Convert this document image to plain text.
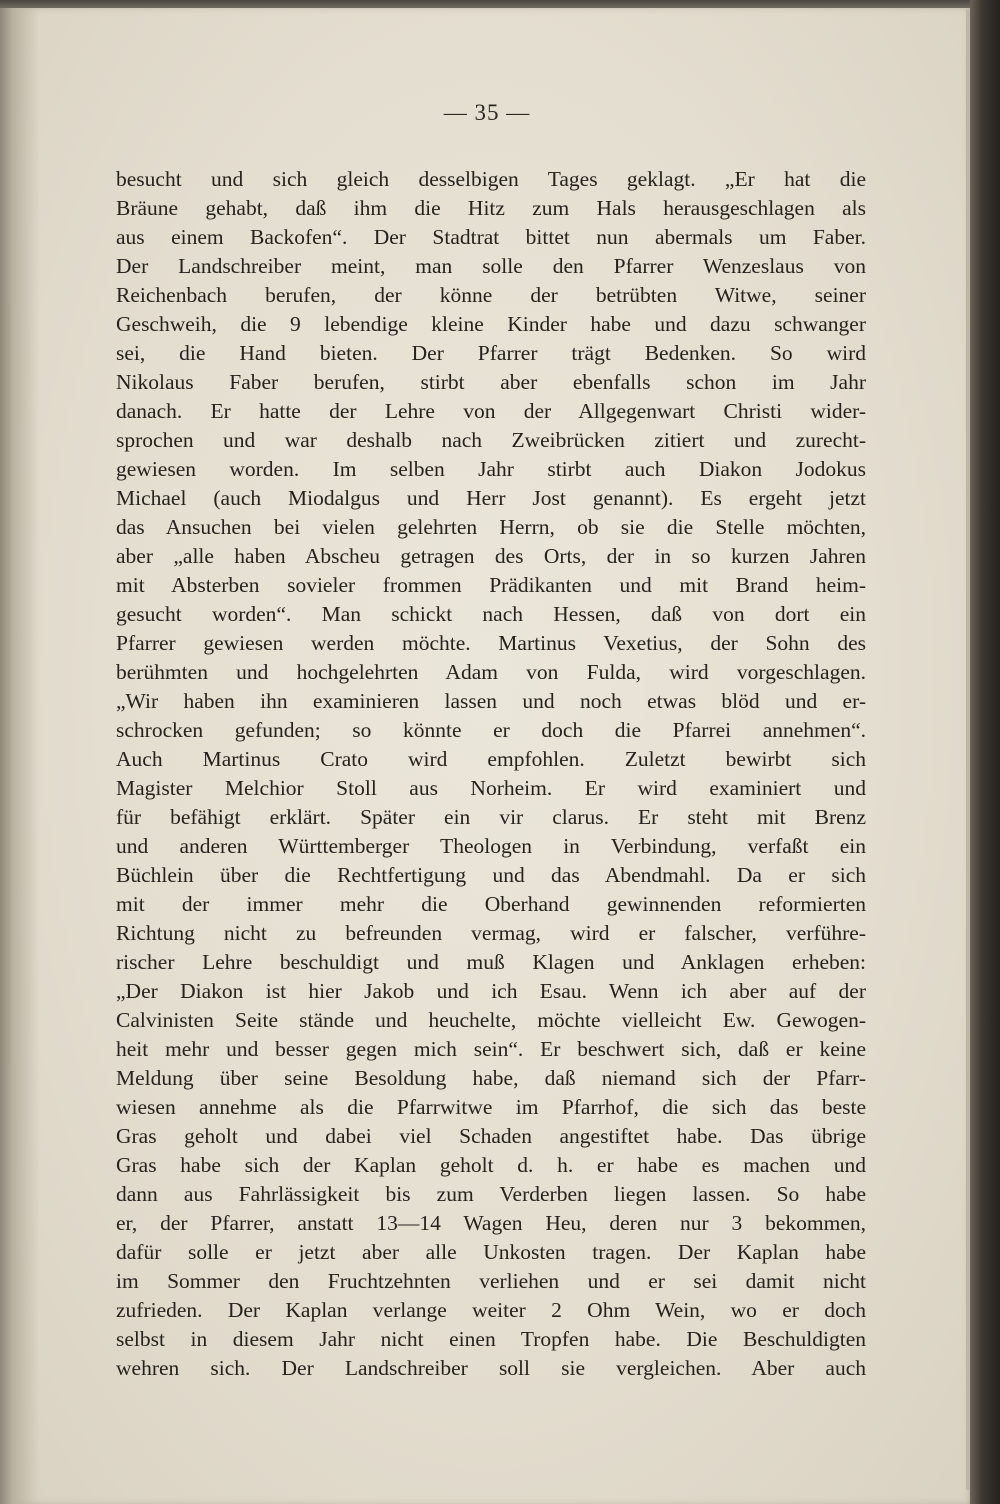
— 35 —
besucht und sich gleich desselbigen Tages geklagt. „Er hat die
Bräune gehabt, daß ihm die Hitz zum Hals herausgeschlagen als
aus einem Backofen“. Der Stadtrat bittet nun abermals um Faber.
Der Landschreiber meint, man solle den Pfarrer Wenzeslaus von
Reichenbach berufen, der könne der betrübten Witwe, seiner
Geschweih, die 9 lebendige kleine Kinder habe und dazu schwanger
sei, die Hand bieten. Der Pfarrer trägt Bedenken. So wird
Nikolaus Faber berufen, stirbt aber ebenfalls schon im Jahr
danach. Er hatte der Lehre von der Allgegenwart Christi wider-
sprochen und war deshalb nach Zweibrücken zitiert und zurecht-
gewiesen worden. Im selben Jahr stirbt auch Diakon Jodokus
Michael (auch Miodalgus und Herr Jost genannt). Es ergeht jetzt
das Ansuchen bei vielen gelehrten Herrn, ob sie die Stelle möchten,
aber „alle haben Abscheu getragen des Orts, der in so kurzen Jahren
mit Absterben sovieler frommen Prädikanten und mit Brand heim-
gesucht worden“. Man schickt nach Hessen, daß von dort ein
Pfarrer gewiesen werden möchte. Martinus Vexetius, der Sohn des
berühmten und hochgelehrten Adam von Fulda, wird vorgeschlagen.
„Wir haben ihn examinieren lassen und noch etwas blöd und er-
schrocken gefunden; so könnte er doch die Pfarrei annehmen“.
Auch Martinus Crato wird empfohlen. Zuletzt bewirbt sich
Magister Melchior Stoll aus Norheim. Er wird examiniert und
für befähigt erklärt. Später ein vir clarus. Er steht mit Brenz
und anderen Württemberger Theologen in Verbindung, verfaßt ein
Büchlein über die Rechtfertigung und das Abendmahl. Da er sich
mit der immer mehr die Oberhand gewinnenden reformierten
Richtung nicht zu befreunden vermag, wird er falscher, verführe-
rischer Lehre beschuldigt und muß Klagen und Anklagen erheben:
„Der Diakon ist hier Jakob und ich Esau. Wenn ich aber auf der
Calvinisten Seite stände und heuchelte, möchte vielleicht Ew. Gewogen-
heit mehr und besser gegen mich sein“. Er beschwert sich, daß er keine
Meldung über seine Besoldung habe, daß niemand sich der Pfarr-
wiesen annehme als die Pfarrwitwe im Pfarrhof, die sich das beste
Gras geholt und dabei viel Schaden angestiftet habe. Das übrige
Gras habe sich der Kaplan geholt d. h. er habe es machen und
dann aus Fahrlässigkeit bis zum Verderben liegen lassen. So habe
er, der Pfarrer, anstatt 13—14 Wagen Heu, deren nur 3 bekommen,
dafür solle er jetzt aber alle Unkosten tragen. Der Kaplan habe
im Sommer den Fruchtzehnten verliehen und er sei damit nicht
zufrieden. Der Kaplan verlange weiter 2 Ohm Wein, wo er doch
selbst in diesem Jahr nicht einen Tropfen habe. Die Beschuldigten
wehren sich. Der Landschreiber soll sie vergleichen. Aber auch
